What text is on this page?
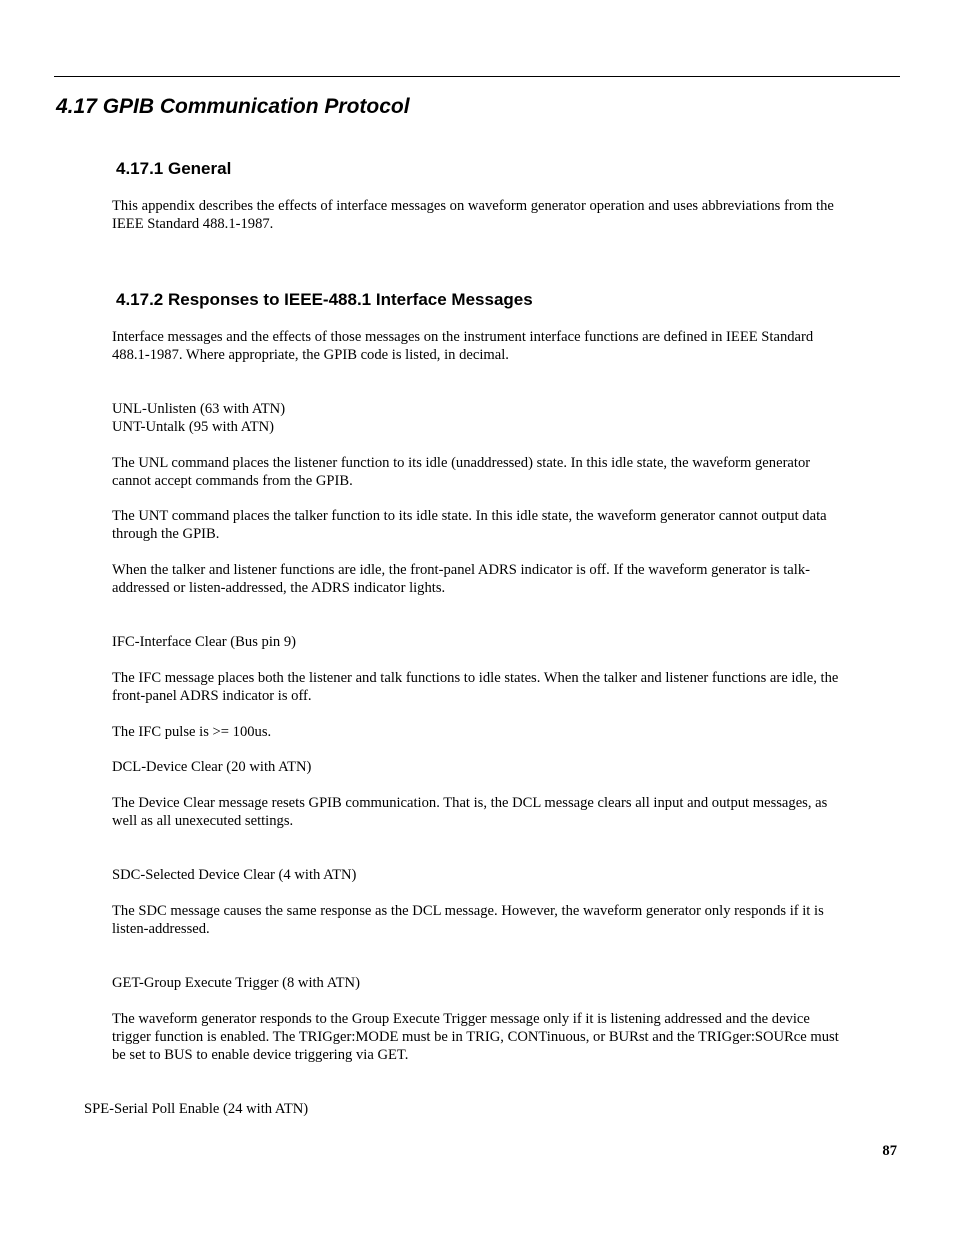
4.17 GPIB Communication Protocol
4.17.1 General

This appendix describes the effects of interface messages on waveform generator operation and uses abbreviations from the
IEEE Standard 488.1-1987.

4.17.2 Responses to IEEE-488.1 Interface Messages

Interface messages and the effects of those messages on the instrument interface functions are defined in IEEE Standard
488.1-1987. Where appropriate, the GPIB code is listed, in decimal.

UNL-Unlisten (63 with ATN)
UNT-Untalk (95 with ATN)

The UNL command places the listener function to its idle (unaddressed) state. In this idle state, the waveform generator
cannot accept commands from the GPIB.

The UNT command places the talker function to its idle state. In this idle state, the waveform generator cannot output data
through the GPIB.

When the talker and listener functions are idle, the front-panel ADRS indicator is off. If the waveform generator is talk-
addressed or listen-addressed, the ADRS indicator lights.

IFC-Interface Clear (Bus pin 9)

The IFC message places both the listener and talk functions to idle states. When the talker and listener functions are idle, the
front-panel ADRS indicator is off.

The IFC pulse is >= 100us.

DCL-Device Clear (20 with ATN)

The Device Clear message resets GPIB communication. That is, the DCL message clears all input and output messages, as
well as all unexecuted settings.

SDC-Selected Device Clear (4 with ATN)

The SDC message causes the same response as the DCL message. However, the waveform generator only responds if it is
listen-addressed.

GET-Group Execute Trigger (8 with ATN)

The waveform generator responds to the Group Execute Trigger message only if it is listening addressed and the device
trigger function is enabled. The TRIGger:MODE must be in TRIG, CONTinuous, or BURst and the TRIGger:SOURce must
be set to BUS to enable device triggering via GET.

SPE-Serial Poll Enable (24 with ATN)

87
